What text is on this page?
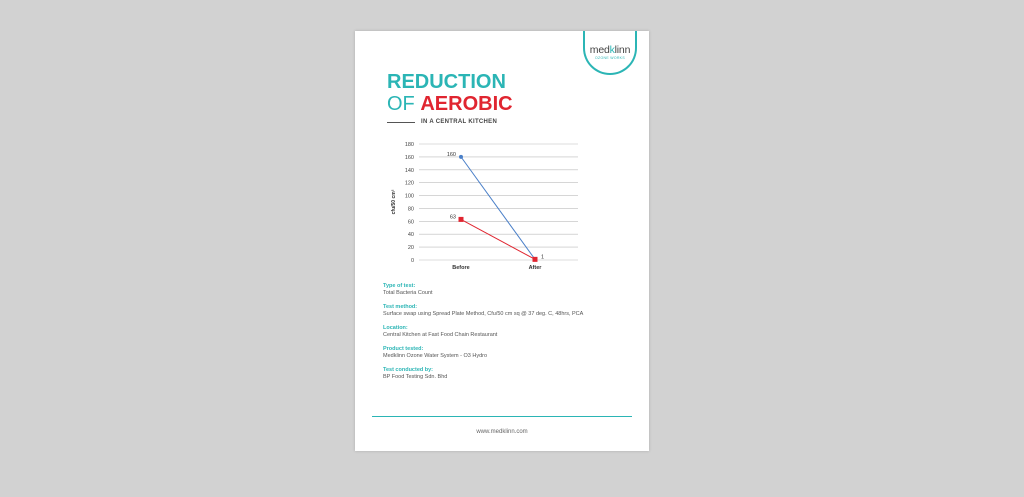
medklinn
OZONE WORKS
REDUCTION
OF AEROBIC
IN A CENTRAL KITCHEN
0
20
40
60
80
100
120
140
160
180
Before	After
cfu/50 cm²
160
63
1
Type of test:
Total Bacteria Count
Test method:
Surface swap using Spread Plate Method, Cfu/50 cm sq @ 37 deg. C, 48hrs, PCA
Location:
Central Kitchen at Fast Food Chain Restaurant
Product tested:
Medklinn Ozone Water System - O3 Hydro
Test conducted by:
BP Food Testing Sdn. Bhd
www.medklinn.com
